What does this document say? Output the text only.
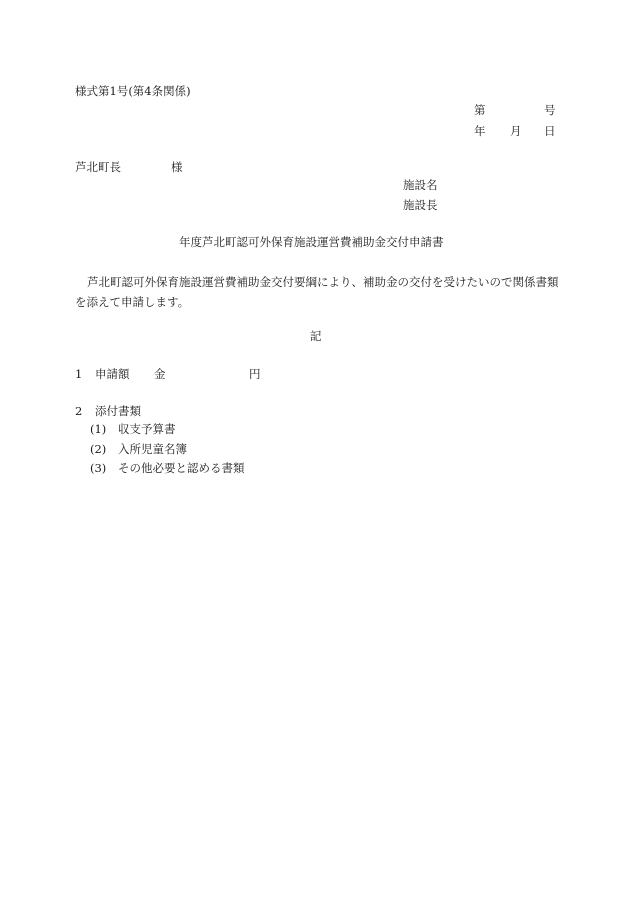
様式第1号(第4条関係)
第	号
年 月 日
芦北町長	様
施設名
施設長
年度芦北町認可外保育施設運営費補助金交付申請書
芦北町認可外保育施設運営費補助金交付要綱により、補助金の交付を受けたいので関係書類を添えて申請します。
記
1 申請額 金	円
2 添付書類
(1) 収支予算書
(2) 入所児童名簿
(3) その他必要と認める書類
